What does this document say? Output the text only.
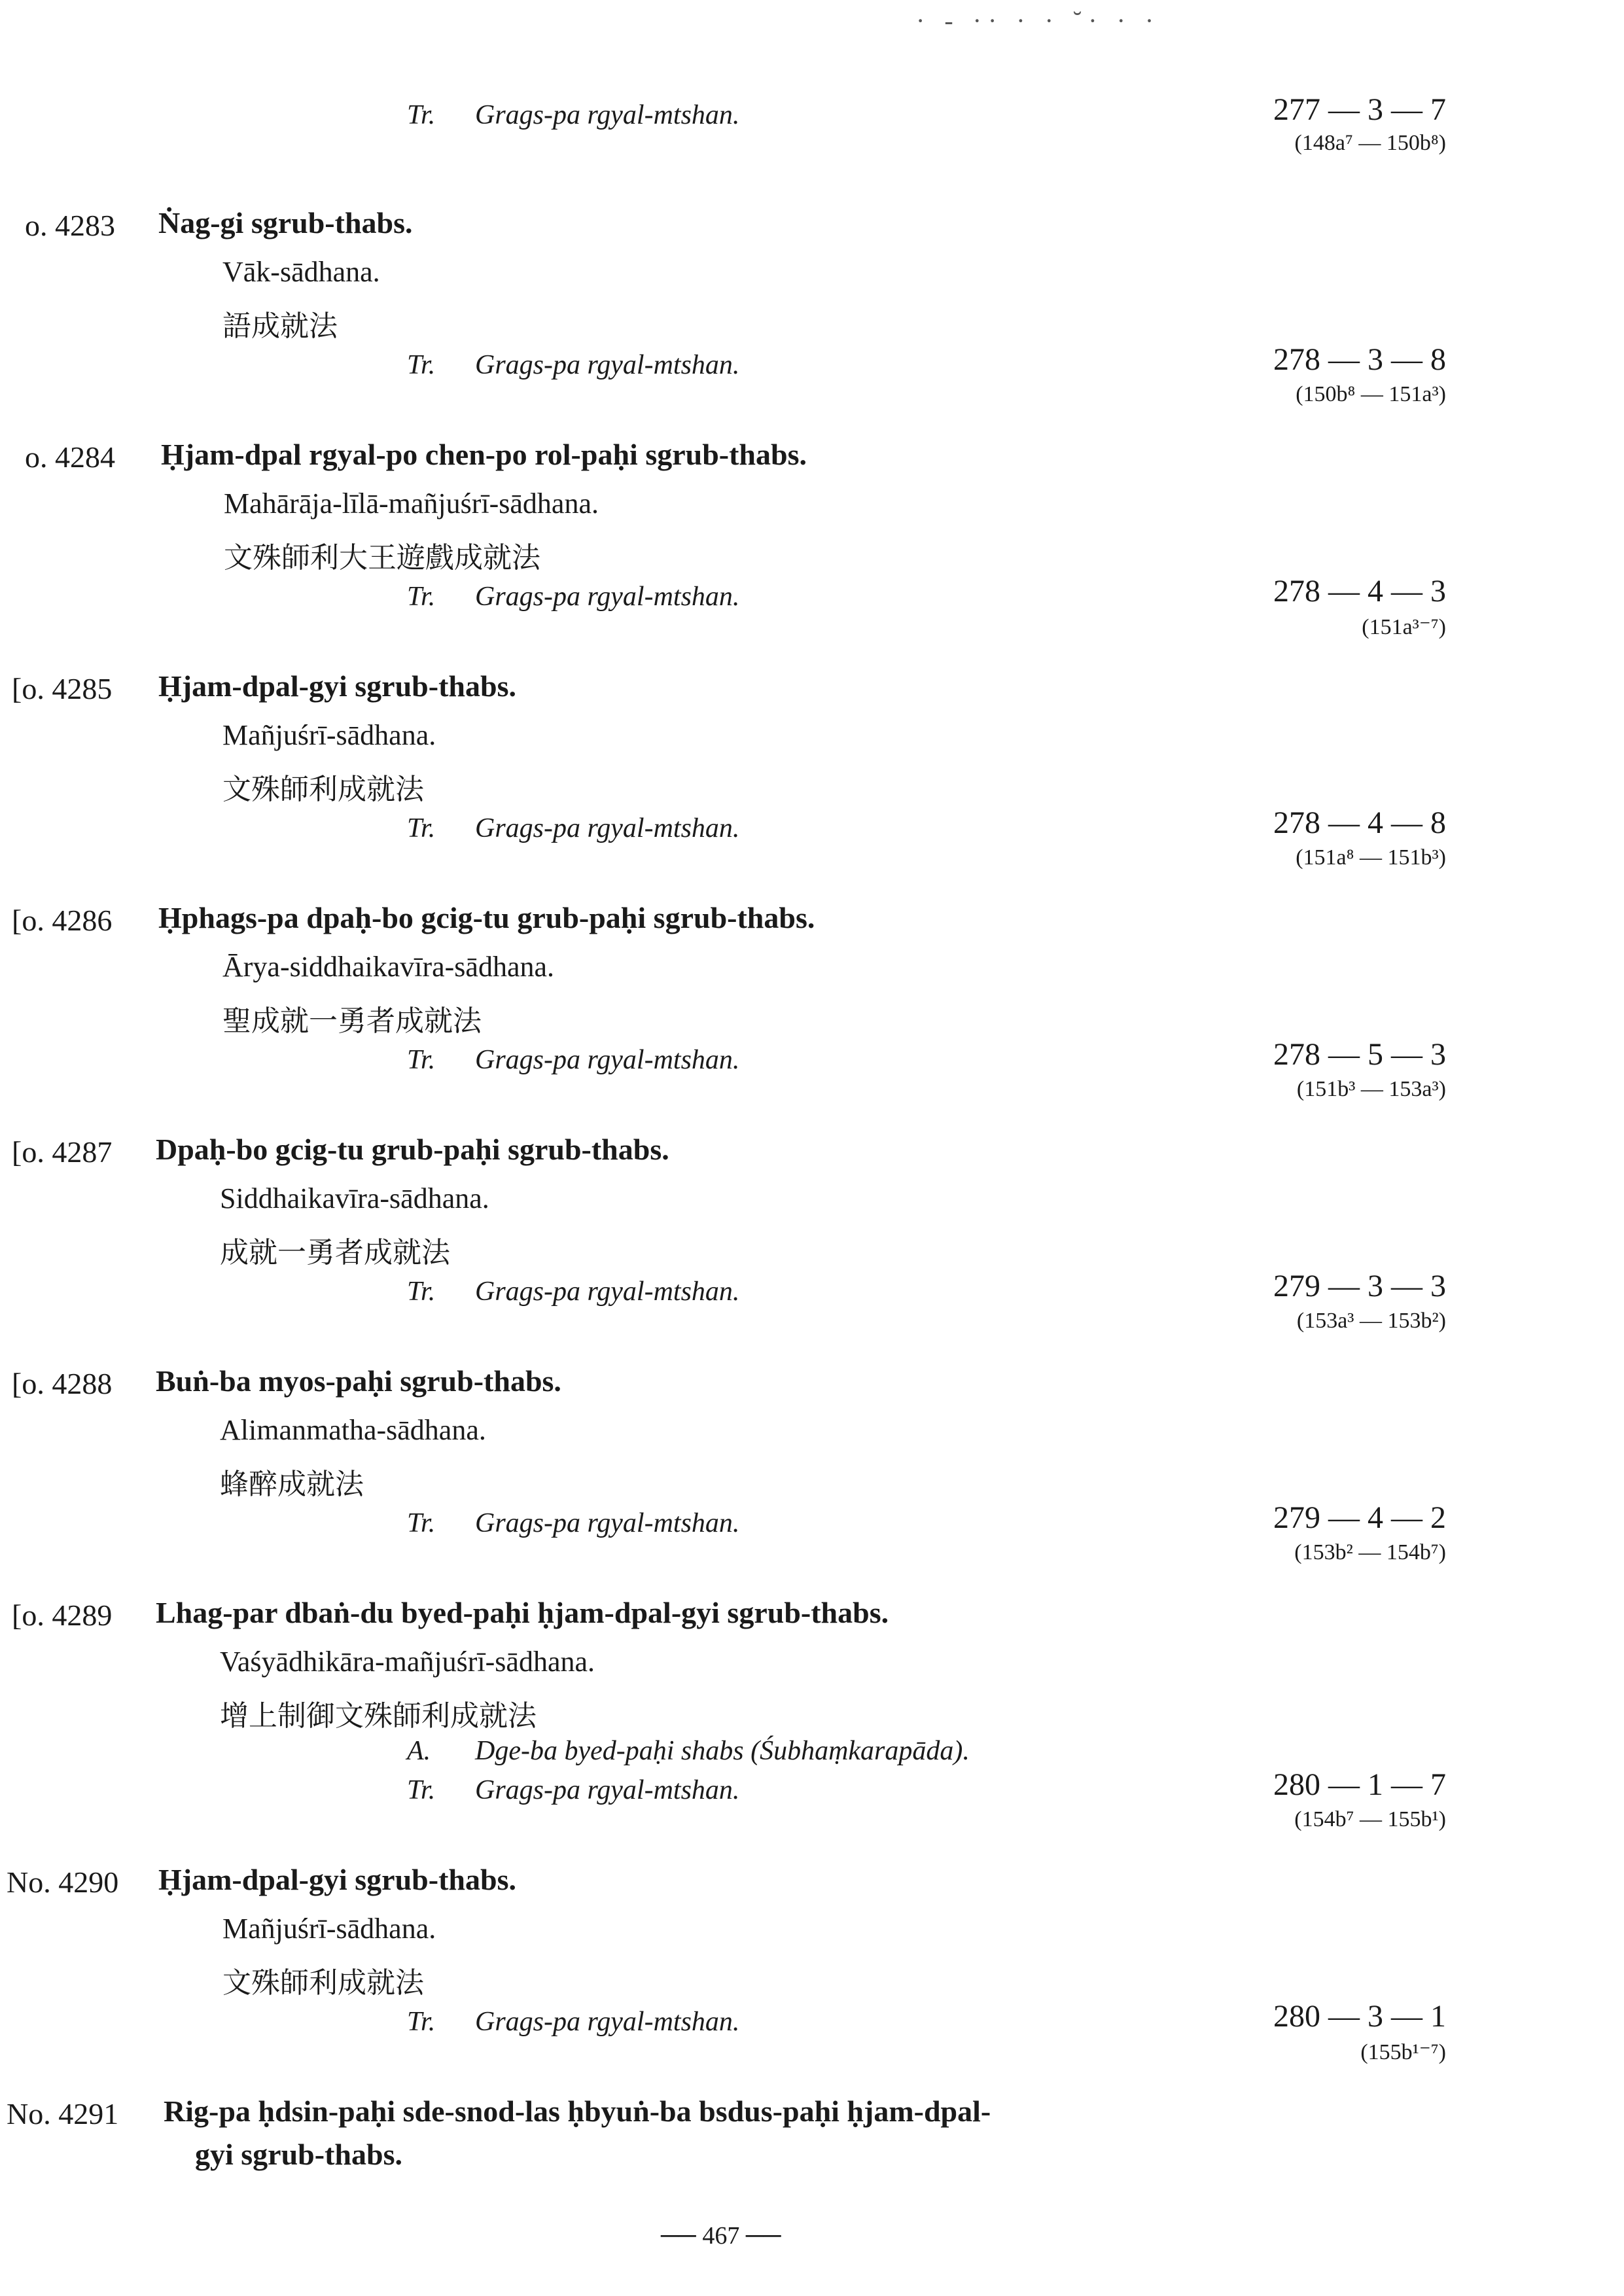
· - ·· · · ˘· · ·
Tr. Grags-pa rgyal-mtshan.	277 — 3 — 7
(148a⁷ — 150b⁸)
o. 4283 Ṅag-gi sgrub-thabs.
Vāk-sādhana.
語成就法
Tr. Grags-pa rgyal-mtshan.	278 — 3 — 8
(150b⁸ — 151a³)
o. 4284 Ḥjam-dpal rgyal-po chen-po rol-paḥi sgrub-thabs.
Mahārāja-līlā-mañjuśrī-sādhana.
文殊師利大王遊戲成就法
Tr. Grags-pa rgyal-mtshan.	278 — 4 — 3
(151a³⁻⁷)
[o. 4285 Ḥjam-dpal-gyi sgrub-thabs.
Mañjuśrī-sādhana.
文殊師利成就法
Tr. Grags-pa rgyal-mtshan.	278 — 4 — 8
(151a⁸ — 151b³)
[o. 4286 Ḥphags-pa dpaḥ-bo gcig-tu grub-paḥi sgrub-thabs.
Ārya-siddhaikavīra-sādhana.
聖成就一勇者成就法
Tr. Grags-pa rgyal-mtshan.	278 — 5 — 3
(151b³ — 153a³)
[o. 4287 Dpaḥ-bo gcig-tu grub-paḥi sgrub-thabs.
Siddhaikavīra-sādhana.
成就一勇者成就法
Tr. Grags-pa rgyal-mtshan.	279 — 3 — 3
(153a³ — 153b²)
[o. 4288 Buṅ-ba myos-paḥi sgrub-thabs.
Alimanmatha-sādhana.
蜂醉成就法
Tr. Grags-pa rgyal-mtshan.	279 — 4 — 2
(153b² — 154b⁷)
[o. 4289 Lhag-par dbaṅ-du byed-paḥi ḥjam-dpal-gyi sgrub-thabs.
Vaśyādhikāra-mañjuśrī-sādhana.
增上制御文殊師利成就法
A. Dge-ba byed-paḥi shabs (Śubhaṃkarapāda).
Tr. Grags-pa rgyal-mtshan.	280 — 1 — 7
(154b⁷ — 155b¹)
No. 4290 Ḥjam-dpal-gyi sgrub-thabs.
Mañjuśrī-sādhana.
文殊師利成就法
Tr. Grags-pa rgyal-mtshan.	280 — 3 — 1
(155b¹⁻⁷)
No. 4291 Rig-pa ḥdsin-paḥi sde-snod-las ḥbyuṅ-ba bsdus-paḥi ḥjam-dpal-
gyi sgrub-thabs.
── 467 ──
